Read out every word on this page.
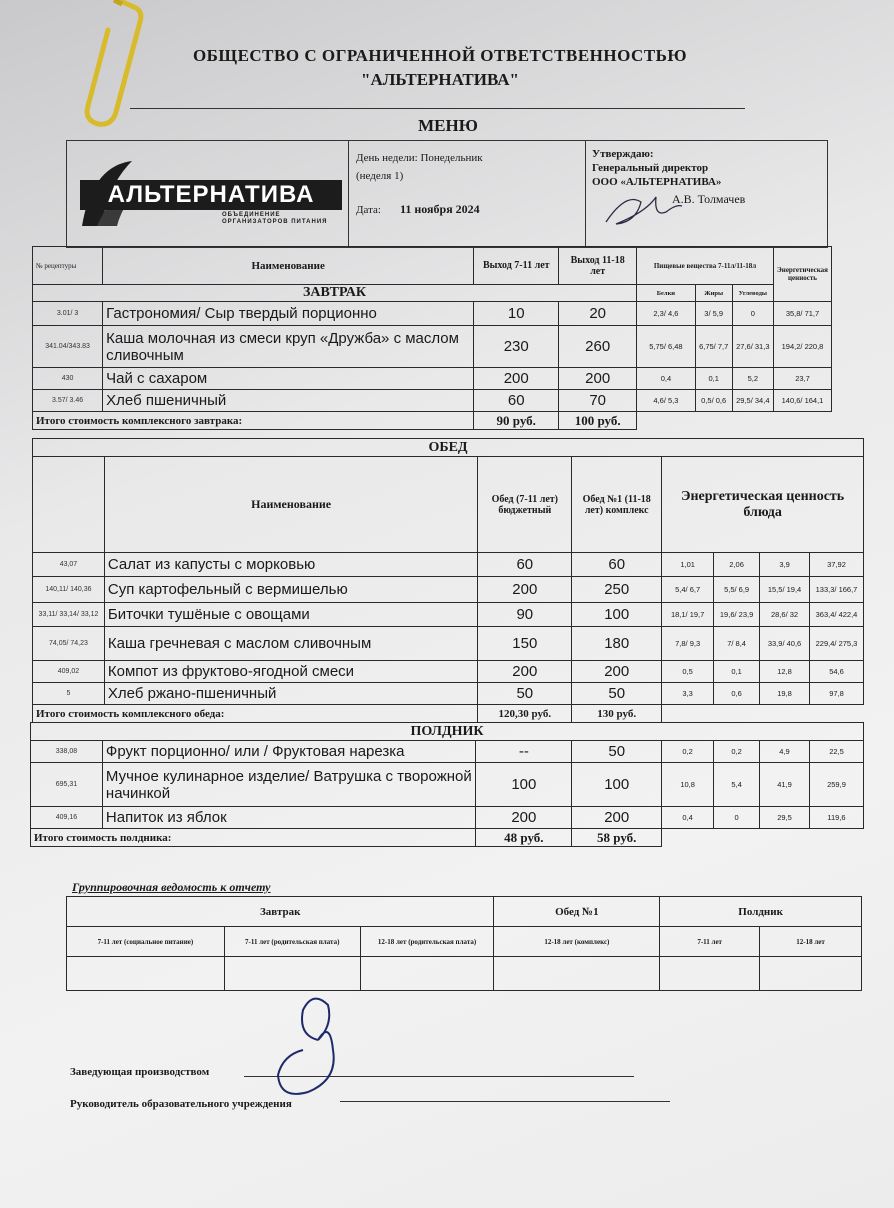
ОБЩЕСТВО С ОГРАНИЧЕННОЙ ОТВЕТСТВЕННОСТЬЮ
"АЛЬТЕРНАТИВА"
МЕНЮ
АЛЬТЕРНАТИВА
ОБЪЕДИНЕНИЕ ОРГАНИЗАТОРОВ ПИТАНИЯ
День недели: Понедельник
(неделя 1)
Дата: 11 ноября 2024
Утверждаю:
Генеральный директор
ООО «АЛЬТЕРНАТИВА»
А.В. Толмачев
№ рецептуры	Наименование	Выход 7-11 лет	Выход 11-18 лет	Пищевые вещества 7-11л/11-18л			Энергетическая ценность
ЗАВТРАК				Белки	Жиры	Углеводы	
3.01/ 3	Гастрономия/ Сыр твердый порционно	10	20	2,3/ 4,6	3/ 5,9	0	35,8/ 71,7
341.04/343.83	Каша молочная из смеси круп «Дружба» с маслом сливочным	230	260	5,75/ 6,48	6,75/ 7,7	27,6/ 31,3	194,2/ 220,8
430	Чай с сахаром	200	200	0,4	0,1	5,2	23,7
3.57/ 3.46	Хлеб пшеничный	60	70	4,6/ 5,3	0,5/ 0,6	29,5/ 34,4	140,6/ 164,1
Итого стоимость комплексного завтрака:		90 руб.	100 руб.				
ОБЕД							
	Наименование	Обед (7-11 лет) бюджетный	Обед №1 (11-18 лет) комплекс	Энергетическая ценность блюда			
43,07	Салат из капусты с морковью	60	60	1,01	2,06	3,9	37,92
140,11/ 140,36	Суп картофельный с вермишелью	200	250	5,4/ 6,7	5,5/ 6,9	15,5/ 19,4	133,3/ 166,7
33,11/ 33,14/ 33,12	Биточки тушёные с овощами	90	100	18,1/ 19,7	19,6/ 23,9	28,6/ 32	363,4/ 422,4
74,05/ 74,23	Каша гречневая с маслом сливочным	150	180	7,8/ 9,3	7/ 8,4	33,9/ 40,6	229,4/ 275,3
409,02	Компот из фруктово-ягодной смеси	200	200	0,5	0,1	12,8	54,6
5	Хлеб ржано-пшеничный	50	50	3,3	0,6	19,8	97,8
Итого стоимость комплексного обеда:		120,30 руб.	130 руб.				
ПОЛДНИК							
338,08	Фрукт порционно/ или / Фруктовая нарезка	--	50	0,2	0,2	4,9	22,5
695,31	Мучное кулинарное изделие/ Ватрушка с творожной начинкой	100	100	10,8	5,4	41,9	259,9
409,16	Напиток из яблок	200	200	0,4	0	29,5	119,6
Итого стоимость полдника:		48 руб.	58 руб.				
Группировочная ведомость к отчету
Завтрак			Обед №1	Полдник	
7-11 лет (социальное питание)	7-11 лет (родительская плата)	12-18 лет (родительская плата)	12-18 лет (комплекс)	7-11 лет	12-18 лет

Заведующая производством
Руководитель образовательного учреждения
